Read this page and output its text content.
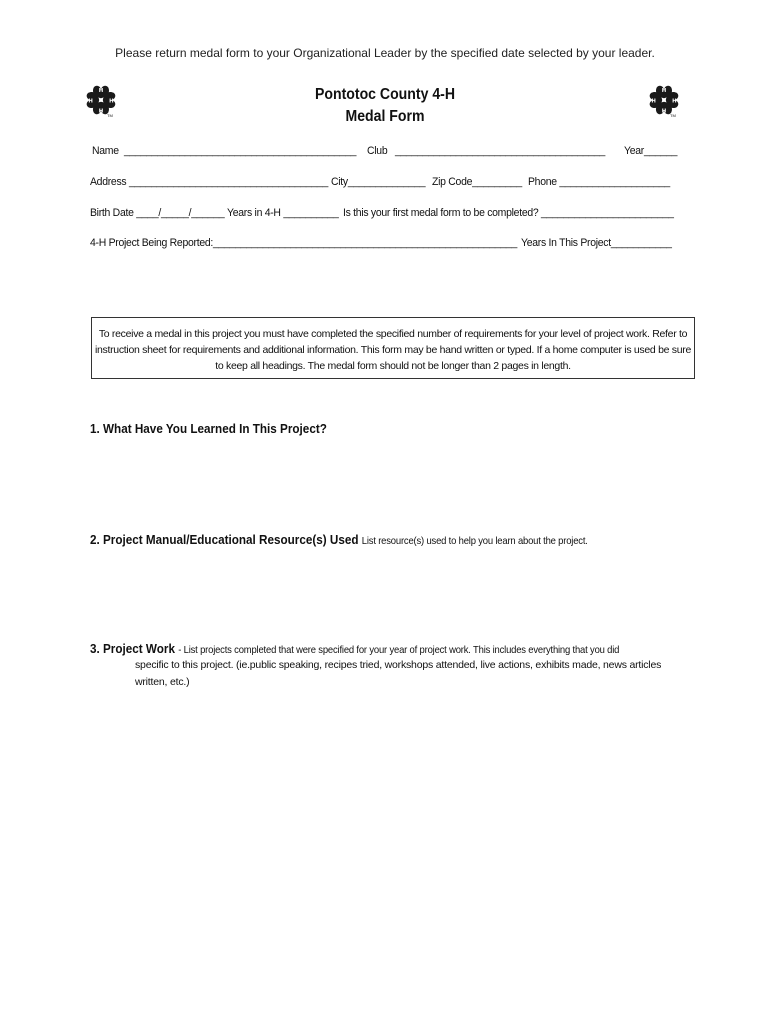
Please return medal form to your Organizational Leader by the specified date selected by your leader.
H
H
H	H
TM
H
H
H	H
TM
Pontotoc County 4-H
Medal Form
Name __________________________________________ Club ______________________________________ Year______
Address ____________________________________ City______________ Zip Code_________ Phone ____________________
Birth Date ____/_____/______ Years in 4-H __________ Is this your first medal form to be completed? ________________________
4-H Project Being Reported:_______________________________________________________ Years In This Project___________
To receive a medal in this project you must have completed the specified number of requirements for your level of project work. Refer to instruction sheet for requirements and additional information. This form may be hand written or typed. If a home computer is used be sure to keep all headings. The medal form should not be longer than 2 pages in length.
1. What Have You Learned In This Project?
2. Project Manual/Educational Resource(s) Used List resource(s) used to help you learn about the project.
3. Project Work - List projects completed that were specified for your year of project work. This includes everything that you did
specific to this project. (ie.public speaking, recipes tried, workshops attended, live actions, exhibits made, news articles written, etc.)
